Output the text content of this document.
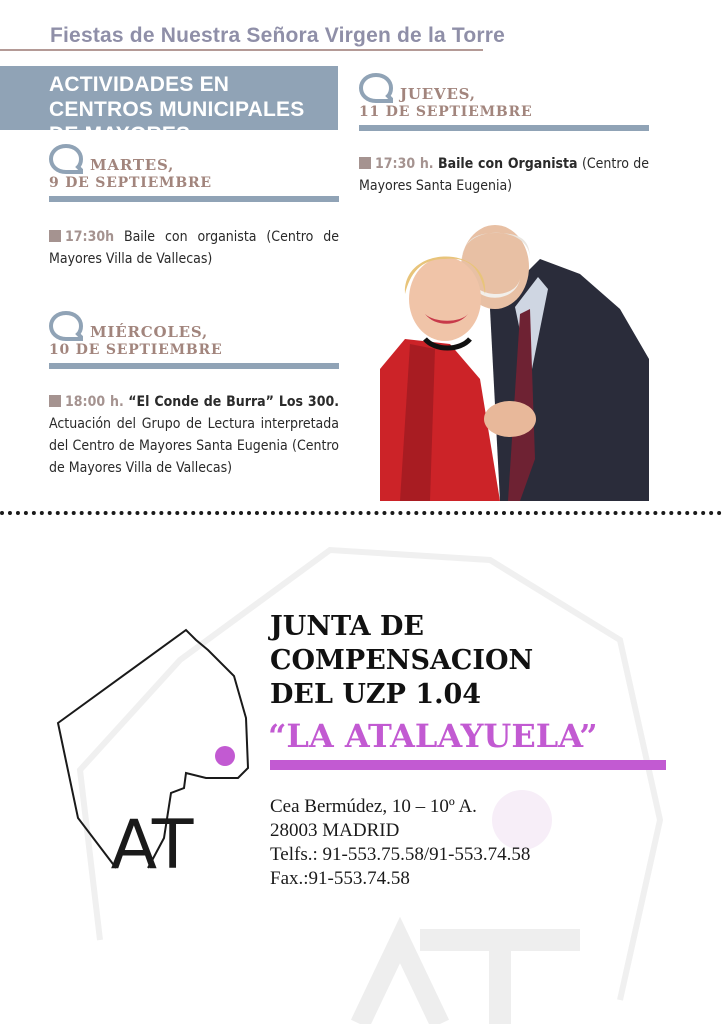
Fiestas de Nuestra Señora Virgen de la Torre
ACTIVIDADES EN CENTROS MUNICIPALES DE MAYORES
MARTES,
9 DE SEPTIEMBRE
17:30h Baile con organista (Centro de Mayores Villa de Vallecas)
MIÉRCOLES,
10 DE SEPTIEMBRE
18:00 h. “El Conde de Burra” Los 300. Actuación del Grupo de Lectura interpretada del Centro de Mayores Santa Eugenia (Centro de Mayores Villa de Vallecas)
JUEVES,
11 DE SEPTIEMBRE
17:30 h. Baile con Organista (Centro de Mayores Santa Eugenia)
AT
JUNTA DE
COMPENSACION
DEL UZP 1.04
“LA ATALAYUELA”
Cea Bermúdez, 10 – 10º A.
28003 MADRID
Telfs.: 91-553.75.58/91-553.74.58
Fax.:91-553.74.58
